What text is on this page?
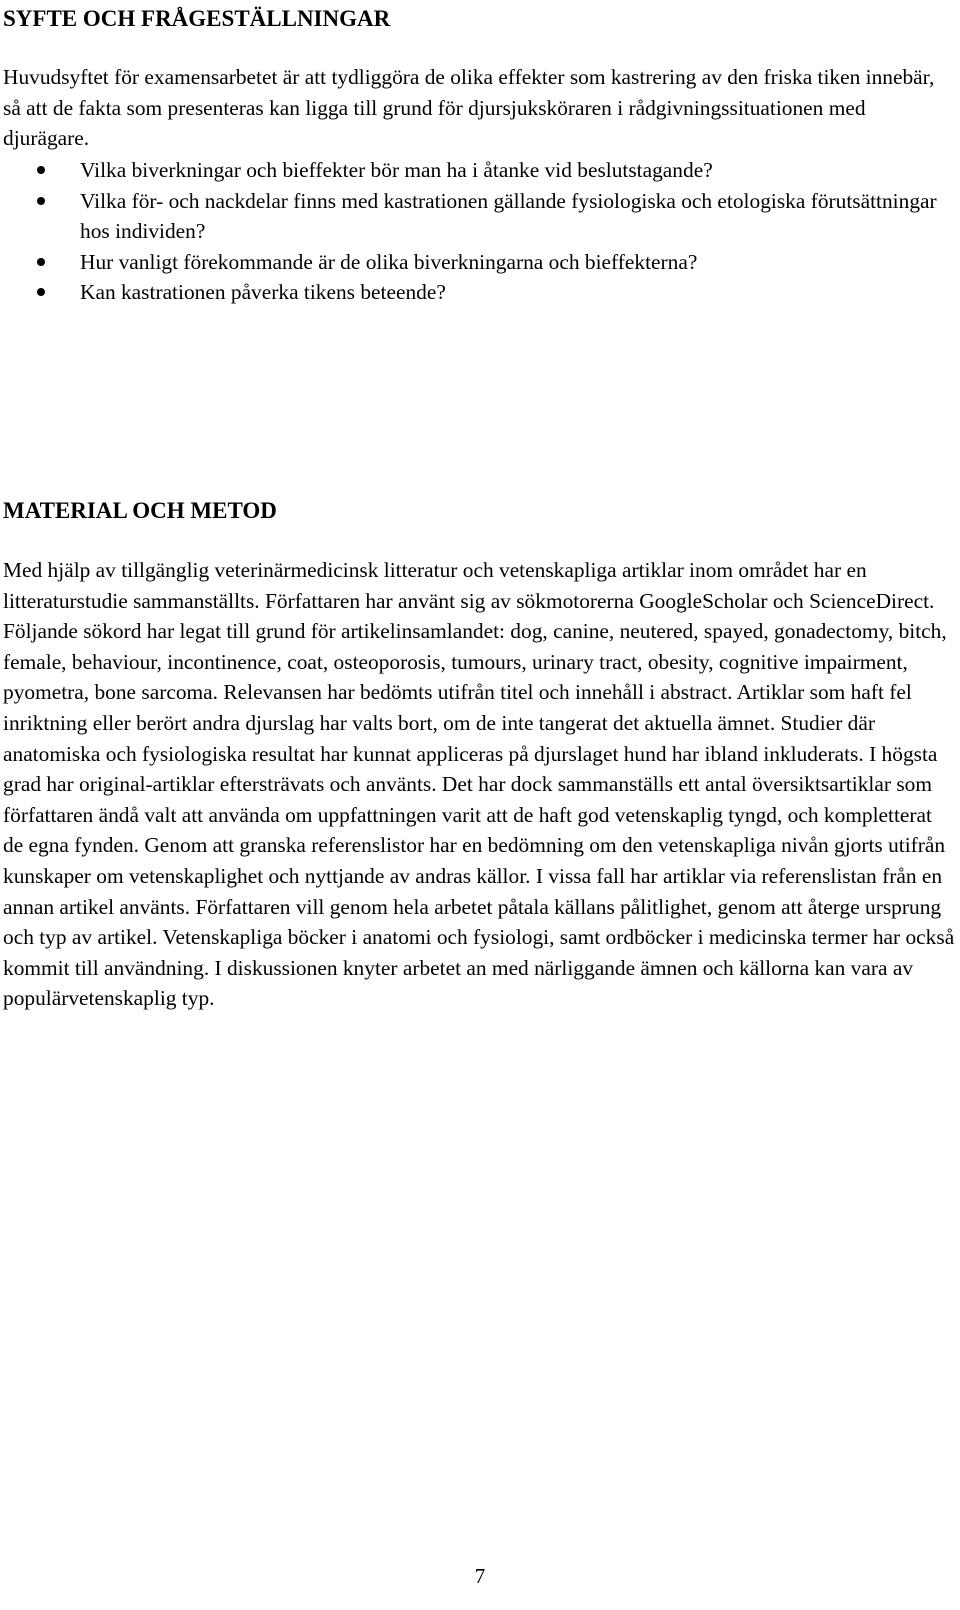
SYFTE OCH FRÅGESTÄLLNINGAR

Huvudsyftet för examensarbetet är att tydliggöra de olika effekter som kastrering av den friska tiken innebär, så att de fakta som presenteras kan ligga till grund för djursjuksköraren i rådgivningssituationen med djurägare.

Vilka biverkningar och bieffekter bör man ha i åtanke vid beslutstagande?
Vilka för- och nackdelar finns med kastrationen gällande fysiologiska och etologiska förutsättningar hos individen?
Hur vanligt förekommande är de olika biverkningarna och bieffekterna?
Kan kastrationen påverka tikens beteende?
MATERIAL OCH METOD

Med hjälp av tillgänglig veterinärmedicinsk litteratur och vetenskapliga artiklar inom området har en litteraturstudie sammanställts. Författaren har använt sig av sökmotorerna GoogleScholar och ScienceDirect. Följande sökord har legat till grund för artikelinsamlandet: dog, canine, neutered, spayed, gonadectomy, bitch, female, behaviour, incontinence, coat, osteoporosis, tumours, urinary tract, obesity, cognitive impairment, pyometra, bone sarcoma. Relevansen har bedömts utifrån titel och innehåll i abstract. Artiklar som haft fel inriktning eller berört andra djurslag har valts bort, om de inte tangerat det aktuella ämnet. Studier där anatomiska och fysiologiska resultat har kunnat appliceras på djurslaget hund har ibland inkluderats. I högsta grad har original-artiklar eftersträvats och använts. Det har dock sammanställs ett antal översiktsartiklar som författaren ändå valt att använda om uppfattningen varit att de haft god vetenskaplig tyngd, och kompletterat de egna fynden. Genom att granska referenslistor har en bedömning om den vetenskapliga nivån gjorts utifrån kunskaper om vetenskaplighet och nyttjande av andras källor. I vissa fall har artiklar via referenslistan från en annan artikel använts. Författaren vill genom hela arbetet påtala källans pålitlighet, genom att återge ursprung och typ av artikel. Vetenskapliga böcker i anatomi och fysiologi, samt ordböcker i medicinska termer har också kommit till användning. I diskussionen knyter arbetet an med närliggande ämnen och källorna kan vara av populärvetenskaplig typ.

7
